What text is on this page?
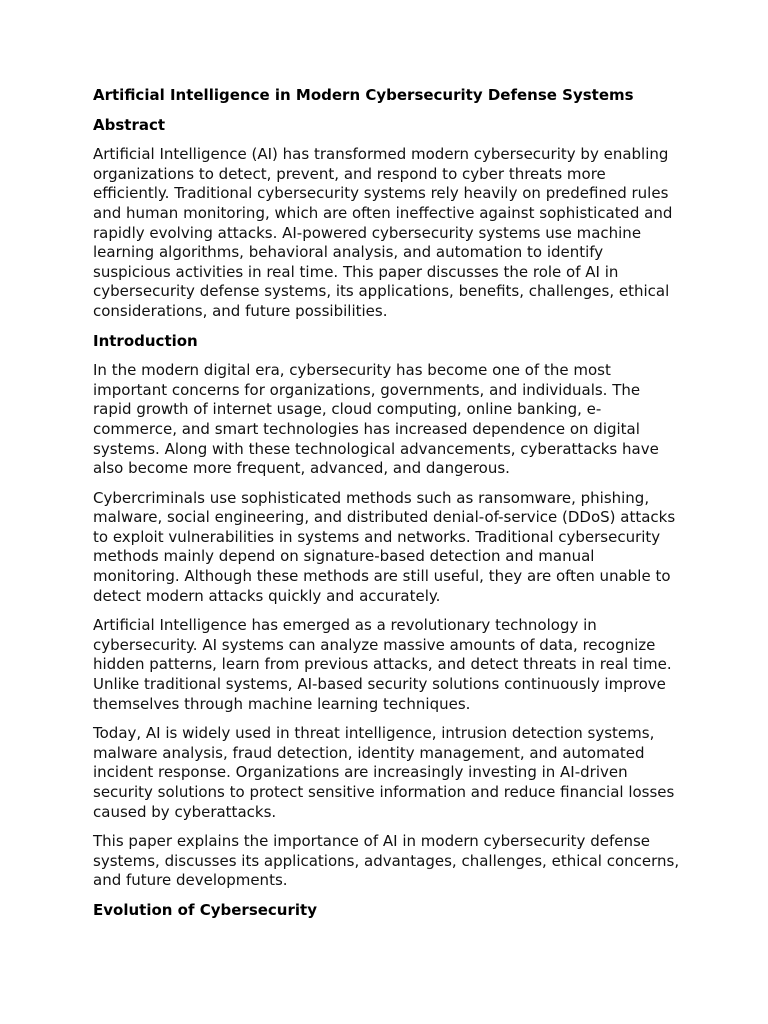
Artificial Intelligence in Modern Cybersecurity Defense Systems
Abstract

Artificial Intelligence (AI) has transformed modern cybersecurity by enabling organizations to detect, prevent, and respond to cyber threats more efficiently. Traditional cybersecurity systems rely heavily on predefined rules and human monitoring, which are often ineffective against sophisticated and rapidly evolving attacks. AI-powered cybersecurity systems use machine learning algorithms, behavioral analysis, and automation to identify suspicious activities in real time. This paper discusses the role of AI in cybersecurity defense systems, its applications, benefits, challenges, ethical considerations, and future possibilities.

Introduction

In the modern digital era, cybersecurity has become one of the most important concerns for organizations, governments, and individuals. The rapid growth of internet usage, cloud computing, online banking, e-commerce, and smart technologies has increased dependence on digital systems. Along with these technological advancements, cyberattacks have also become more frequent, advanced, and dangerous.

Cybercriminals use sophisticated methods such as ransomware, phishing, malware, social engineering, and distributed denial-of-service (DDoS) attacks to exploit vulnerabilities in systems and networks. Traditional cybersecurity methods mainly depend on signature-based detection and manual monitoring. Although these methods are still useful, they are often unable to detect modern attacks quickly and accurately.

Artificial Intelligence has emerged as a revolutionary technology in cybersecurity. AI systems can analyze massive amounts of data, recognize hidden patterns, learn from previous attacks, and detect threats in real time. Unlike traditional systems, AI-based security solutions continuously improve themselves through machine learning techniques.

Today, AI is widely used in threat intelligence, intrusion detection systems, malware analysis, fraud detection, identity management, and automated incident response. Organizations are increasingly investing in AI-driven security solutions to protect sensitive information and reduce financial losses caused by cyberattacks.

This paper explains the importance of AI in modern cybersecurity defense systems, discusses its applications, advantages, challenges, ethical concerns, and future developments.

Evolution of Cybersecurity
